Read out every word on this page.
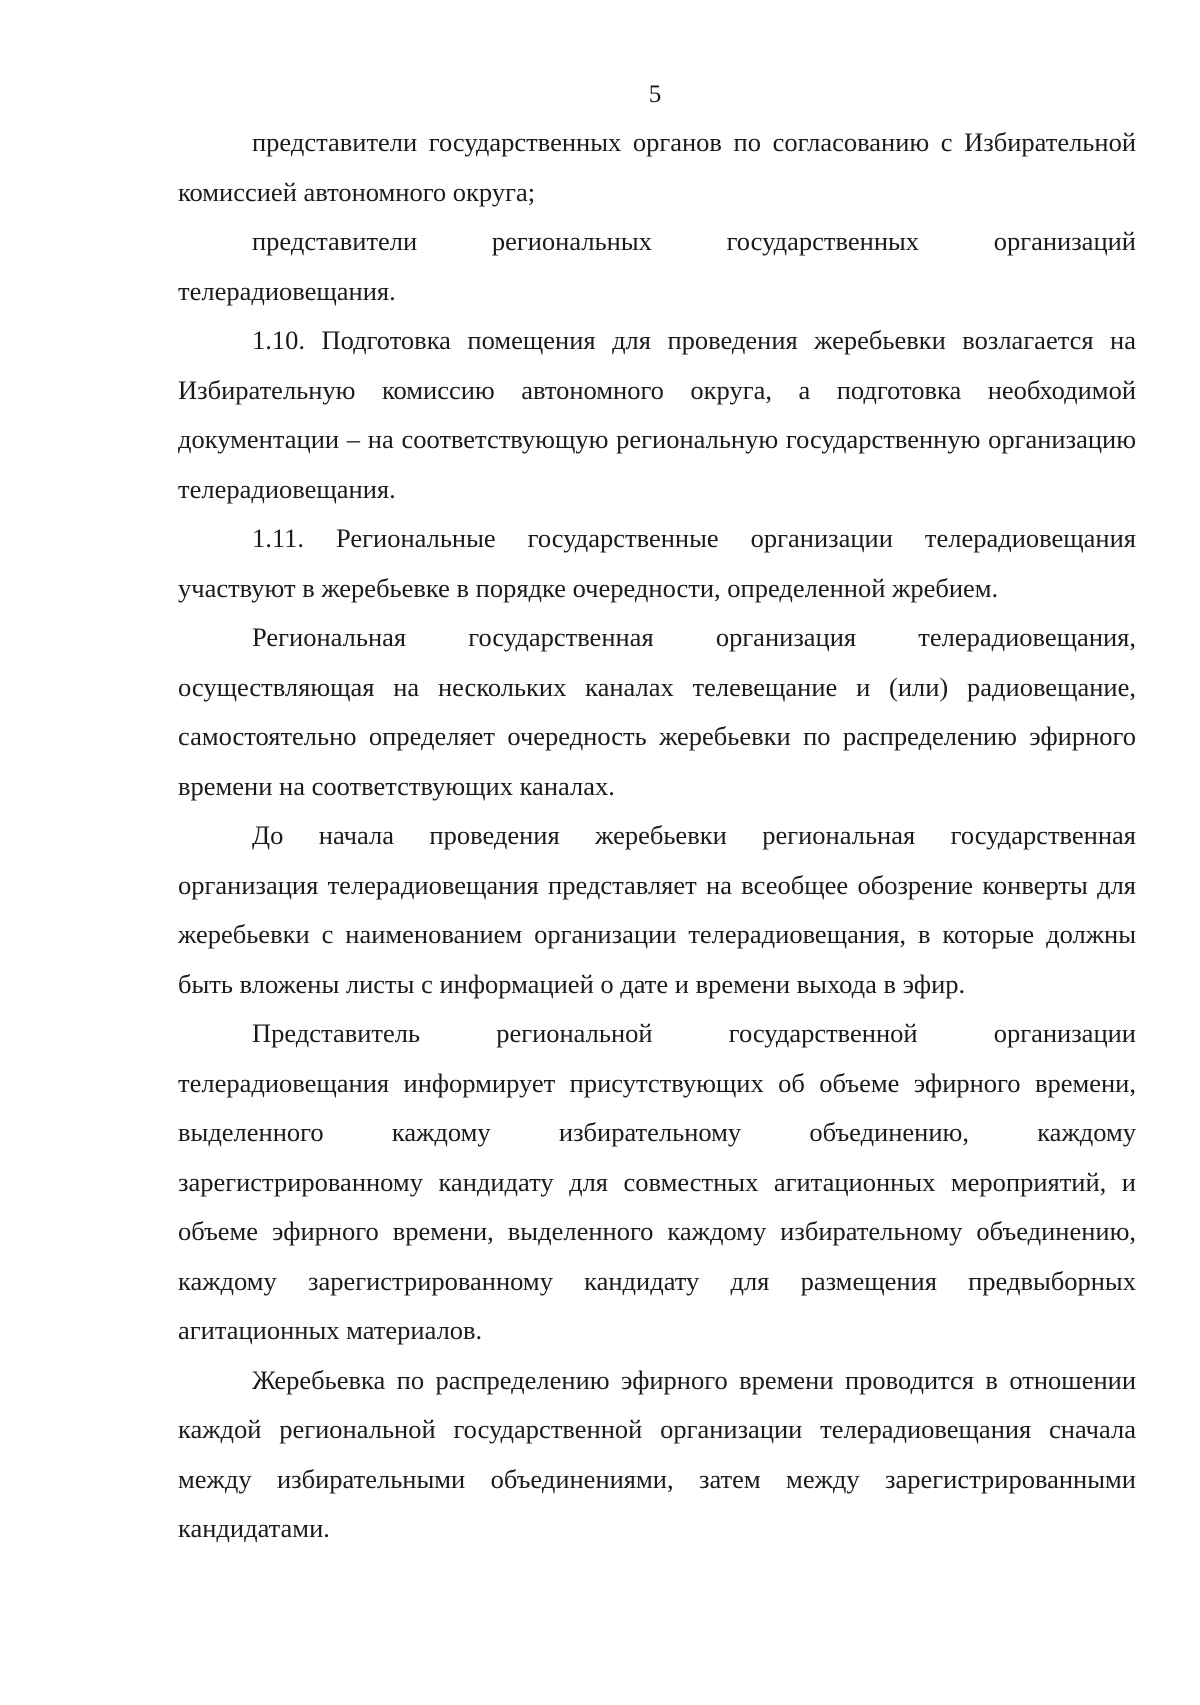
5

представители государственных органов по согласованию с Избирательной комиссией автономного округа;

представители региональных государственных организаций телерадиовещания.

1.10. Подготовка помещения для проведения жеребьевки возлагается на Избирательную комиссию автономного округа, а подготовка необходимой документации – на соответствующую региональную государственную организацию телерадиовещания.

1.11. Региональные государственные организации телерадиовещания участвуют в жеребьевке в порядке очередности, определенной жребием.

Региональная государственная организация телерадиовещания, осуществляющая на нескольких каналах телевещание и (или) радиовещание, самостоятельно определяет очередность жеребьевки по распределению эфирного времени на соответствующих каналах.

До начала проведения жеребьевки региональная государственная организация телерадиовещания представляет на всеобщее обозрение конверты для жеребьевки с наименованием организации телерадиовещания, в которые должны быть вложены листы с информацией о дате и времени выхода в эфир.

Представитель региональной государственной организации телерадиовещания информирует присутствующих об объеме эфирного времени, выделенного каждому избирательному объединению, каждому зарегистрированному кандидату для совместных агитационных мероприятий, и объеме эфирного времени, выделенного каждому избирательному объединению, каждому зарегистрированному кандидату для размещения предвыборных агитационных материалов.

Жеребьевка по распределению эфирного времени проводится в отношении каждой региональной государственной организации телерадиовещания сначала между избирательными объединениями, затем между зарегистрированными кандидатами.
